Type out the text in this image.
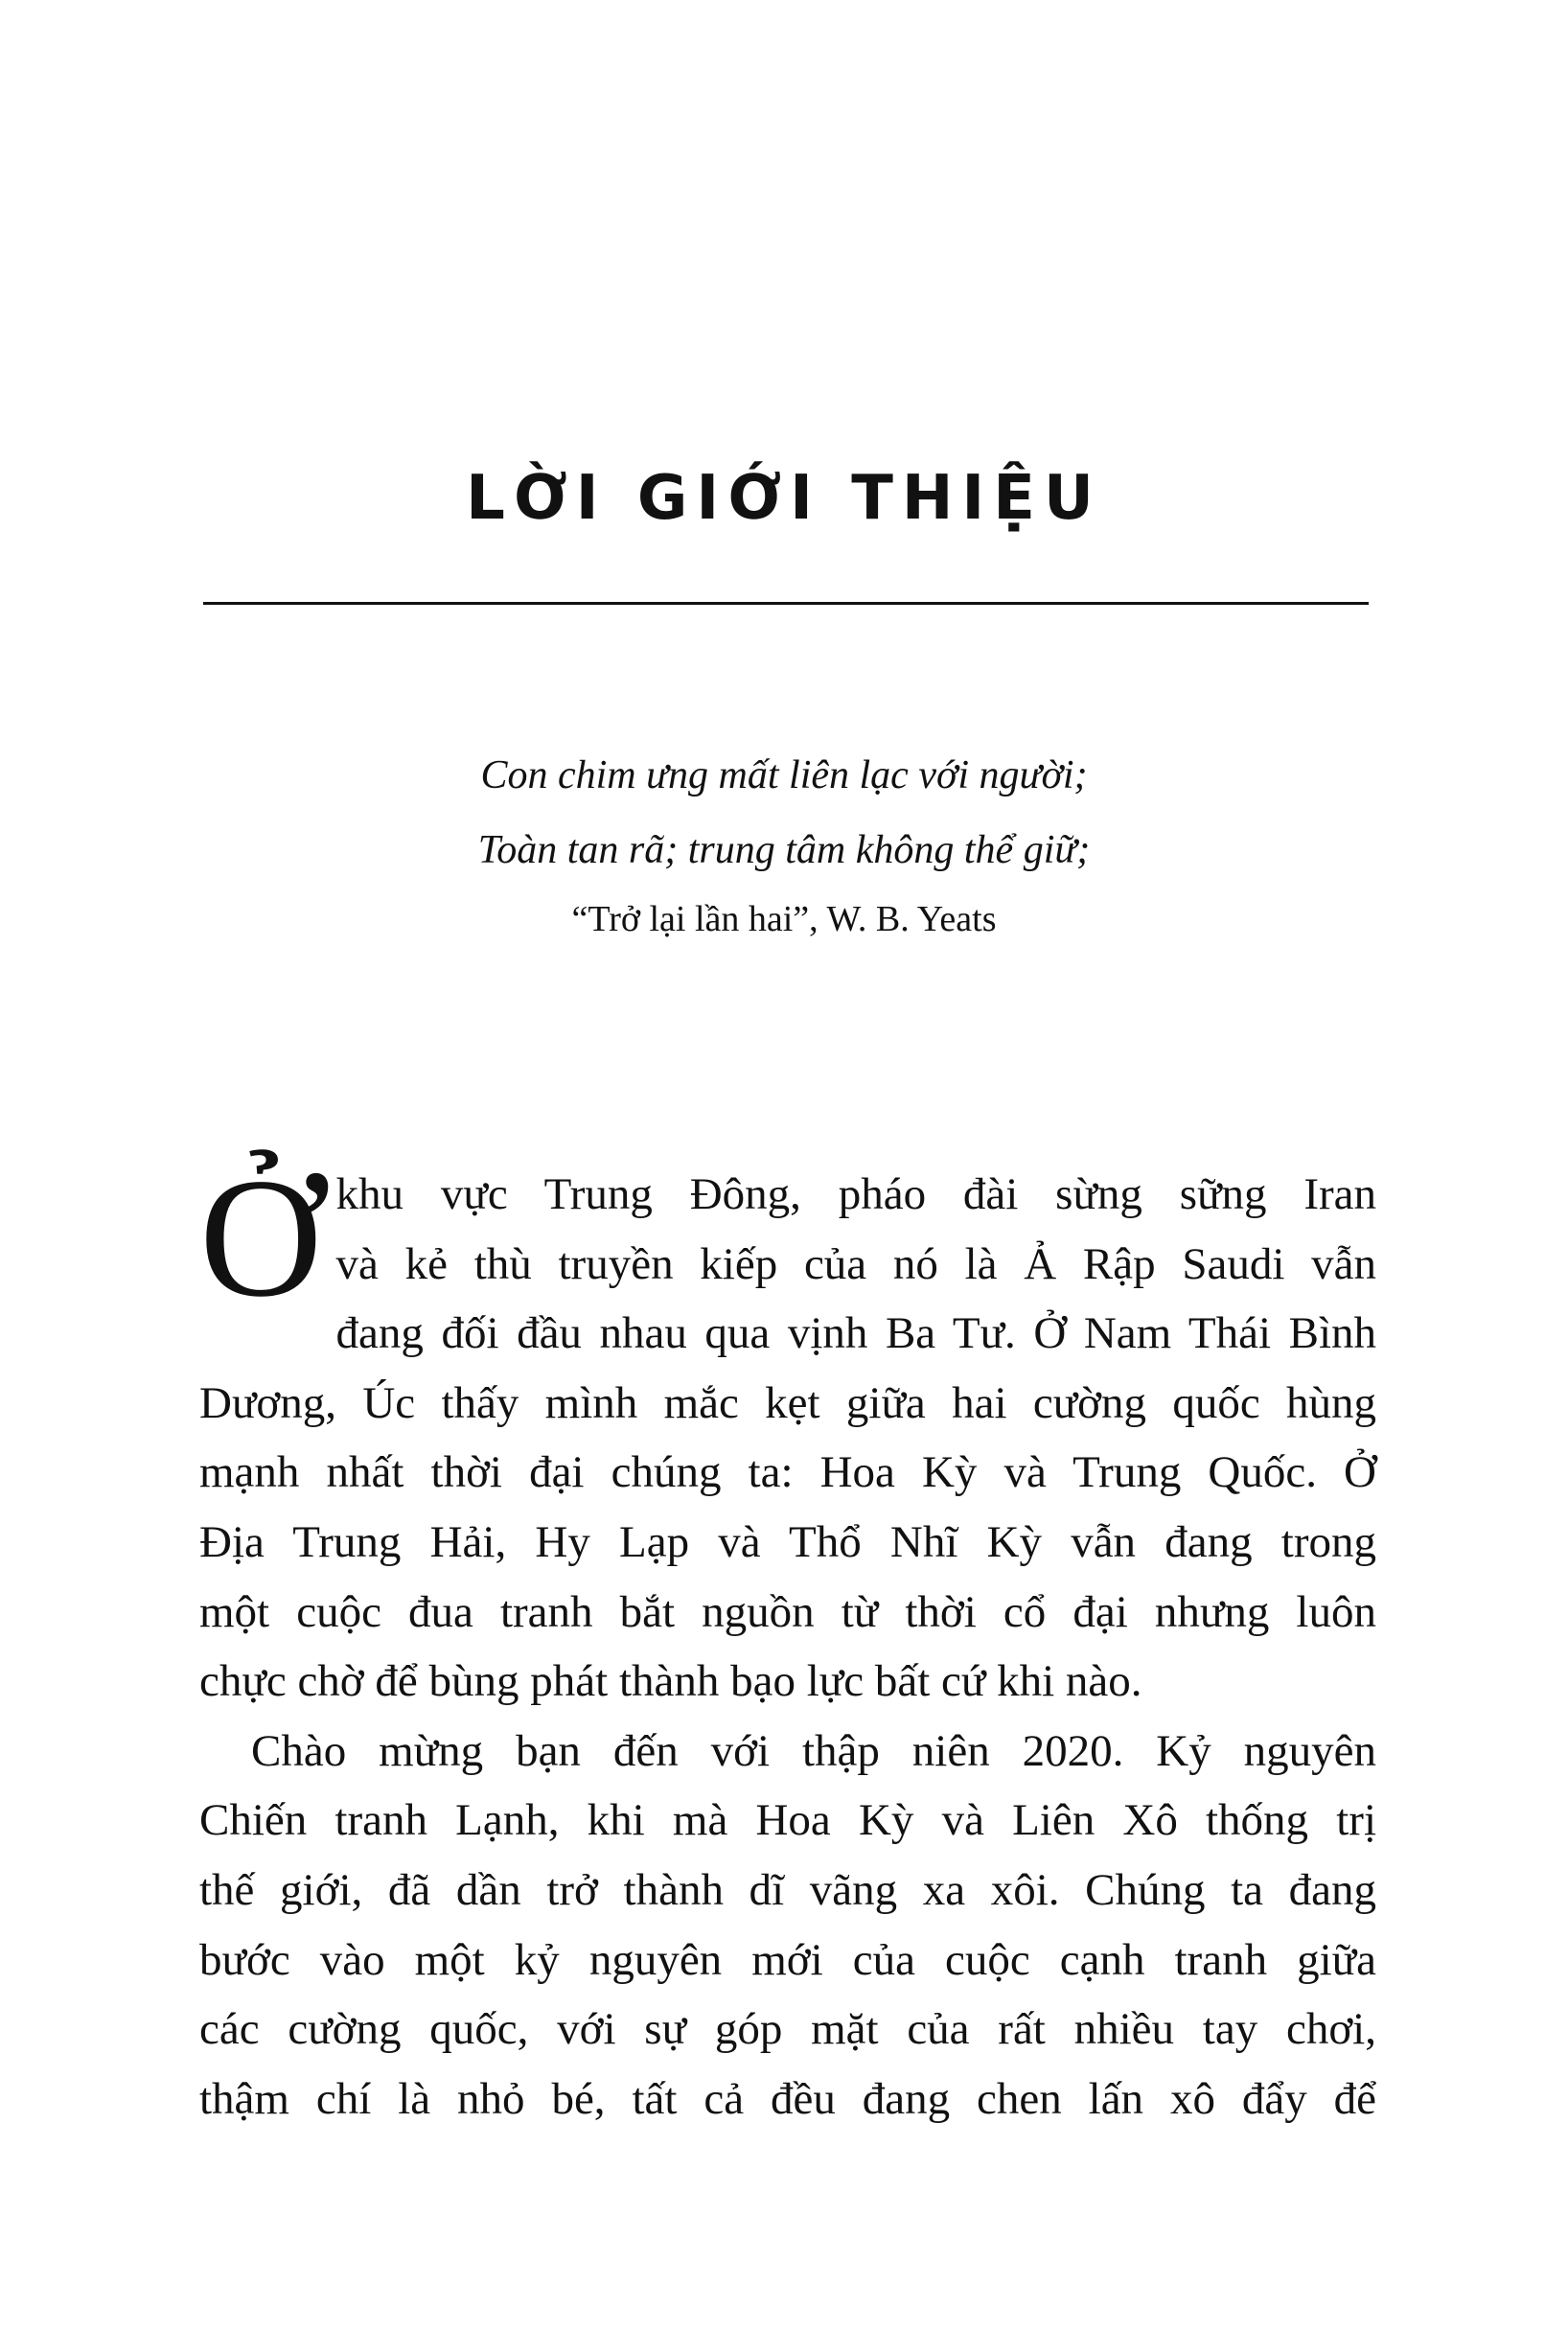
LỜI GIỚI THIỆU
Con chim ưng mất liên lạc với người;
Toàn tan rã; trung tâm không thể giữ;
“Trở lại lần hai”, W. B. Yeats

Ở khu vực Trung Đông, pháo đài sừng sững Iran
và kẻ thù truyền kiếp của nó là Ả Rập Saudi vẫn
đang đối đầu nhau qua vịnh Ba Tư. Ở Nam Thái Bình
Dương, Úc thấy mình mắc kẹt giữa hai cường quốc hùng
mạnh nhất thời đại chúng ta: Hoa Kỳ và Trung Quốc. Ở
Địa Trung Hải, Hy Lạp và Thổ Nhĩ Kỳ vẫn đang trong
một cuộc đua tranh bắt nguồn từ thời cổ đại nhưng luôn
chực chờ để bùng phát thành bạo lực bất cứ khi nào.

Chào mừng bạn đến với thập niên 2020. Kỷ nguyên
Chiến tranh Lạnh, khi mà Hoa Kỳ và Liên Xô thống trị
thế giới, đã dần trở thành dĩ vãng xa xôi. Chúng ta đang
bước vào một kỷ nguyên mới của cuộc cạnh tranh giữa
các cường quốc, với sự góp mặt của rất nhiều tay chơi,
thậm chí là nhỏ bé, tất cả đều đang chen lấn xô đẩy để
